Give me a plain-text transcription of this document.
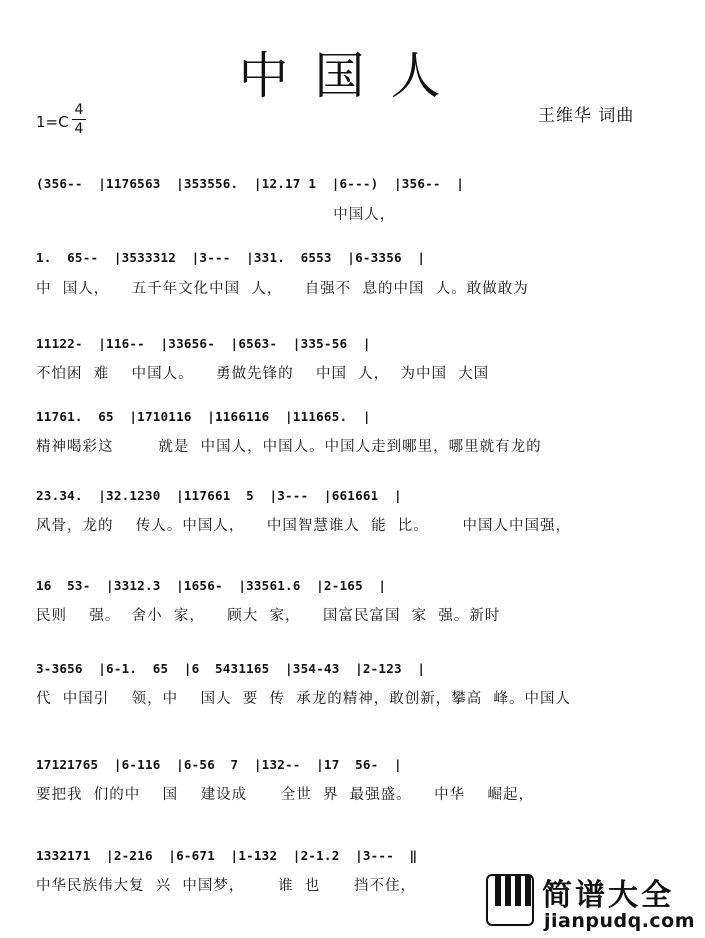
中国人
1=C
4
4
王维华 词曲
(356--  |1176563  |353556.  |12.17 1  |6---)  |356--  |
中国人，
1.  65--  |3533312  |3---  |331.  6553  |6-3356  |
中  国人，    五千年文化中国  人，    自强不  息的中国  人。敢做敢为
11122-  |116--  |33656-  |6563-  |335-56  |
不怕困  难    中国人。    勇做先锋的    中国  人，  为中国  大国
11761.  65  |1710116  |1166116  |111665.  |
精神喝彩这        就是  中国人，中国人。中国人走到哪里，哪里就有龙的
23.34.  |32.1230  |117661  5  |3---  |661661  |
风骨，龙的    传人。中国人，    中国智慧谁人  能  比。      中国人中国强，
16  53-  |3312.3  |1656-  |33561.6  |2-165  |
民则    强。  舍小  家，    顾大  家，    国富民富国  家  强。新时
3-3656  |6-1.  65  |6  5431165  |354-43  |2-123  |
代  中国引    领，中    国人  要  传  承龙的精神，敢创新，攀高  峰。中国人
17121765  |6-116  |6-56  7  |132--  |17  56-  |
要把我  们的中    国    建设成      全世  界  最强盛。    中华    崛起，
1332171  |2-216  |6-671  |1-132  |2-1.2  |3---  ‖
中华民族伟大复  兴  中国梦，      谁  也      挡不住，	简谱大全
jianpudq.com
